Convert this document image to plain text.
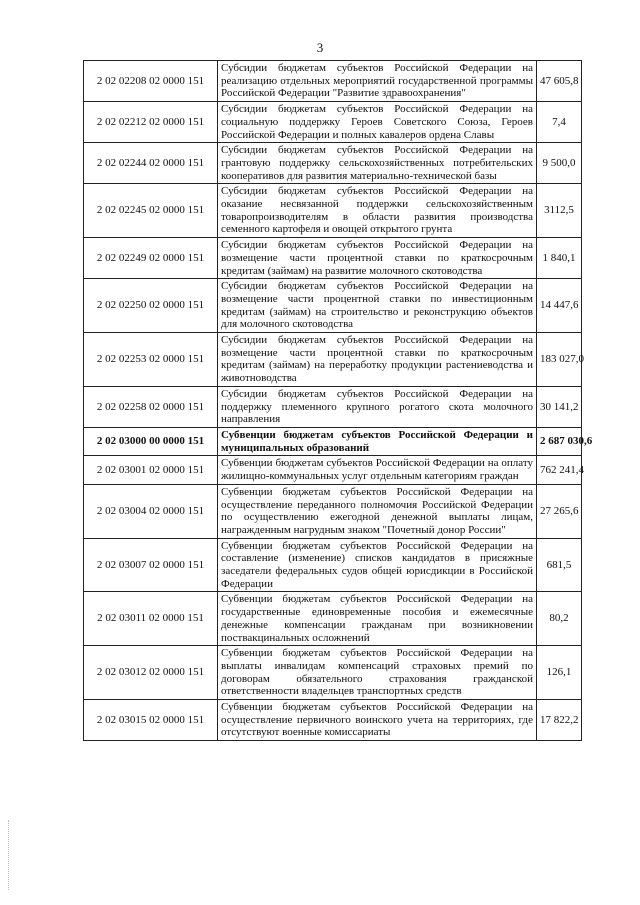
3
2 02 02208 02 0000 151	Субсидии бюджетам субъектов Российской Федерации на реализацию отдельных мероприятий государственной программы Российской Федерации "Развитие здравоохранения"	47 605,8
2 02 02212 02 0000 151	Субсидии бюджетам субъектов Российской Федерации на социальную поддержку Героев Советского Союза, Героев Российской Федерации и полных кавалеров ордена Славы	7,4
2 02 02244 02 0000 151	Субсидии бюджетам субъектов Российской Федерации на грантовую поддержку сельскохозяйственных потребительских кооперативов для развития материально-технической базы	9 500,0
2 02 02245 02 0000 151	Субсидии бюджетам субъектов Российской Федерации на оказание несвязанной поддержки сельскохозяйственным товаропроизводителям в области развития производства семенного картофеля и овощей открытого грунта	3112,5
2 02 02249 02 0000 151	Субсидии бюджетам субъектов Российской Федерации на возмещение части процентной ставки по краткосрочным кредитам (займам) на развитие молочного скотоводства	1 840,1
2 02 02250 02 0000 151	Субсидии бюджетам субъектов Российской Федерации на возмещение части процентной ставки по инвестиционным кредитам (займам) на строительство и реконструкцию объектов для молочного скотоводства	14 447,6
2 02 02253 02 0000 151	Субсидии бюджетам субъектов Российской Федерации на возмещение части процентной ставки по краткосрочным кредитам (займам) на переработку продукции растениеводства и животноводства	183 027,0
2 02 02258 02 0000 151	Субсидии бюджетам субъектов Российской Федерации на поддержку племенного крупного рогатого скота молочного направления	30 141,2
2 02 03000 00 0000 151	Субвенции бюджетам субъектов Российской Федерации и муниципальных образований	2 687 030,6
2 02 03001 02 0000 151	Субвенции бюджетам субъектов Российской Федерации на оплату жилищно-коммунальных услуг отдельным категориям граждан	762 241,4
2 02 03004 02 0000 151	Субвенции бюджетам субъектов Российской Федерации на осуществление переданного полномочия Российской Федерации по осуществлению ежегодной денежной выплаты лицам, награжденным нагрудным знаком "Почетный донор России"	27 265,6
2 02 03007 02 0000 151	Субвенции бюджетам субъектов Российской Федерации на составление (изменение) списков кандидатов в присяжные заседатели федеральных судов общей юрисдикции в Российской Федерации	681,5
2 02 03011 02 0000 151	Субвенции бюджетам субъектов Российской Федерации на государственные единовременные пособия и ежемесячные денежные компенсации гражданам при возникновении поствакцинальных осложнений	80,2
2 02 03012 02 0000 151	Субвенции бюджетам субъектов Российской Федерации на выплаты инвалидам компенсаций страховых премий по договорам обязательного страхования гражданской ответственности владельцев транспортных средств	126,1
2 02 03015 02 0000 151	Субвенции бюджетам субъектов Российской Федерации на осуществление первичного воинского учета на территориях, где отсутствуют военные комиссариаты	17 822,2
